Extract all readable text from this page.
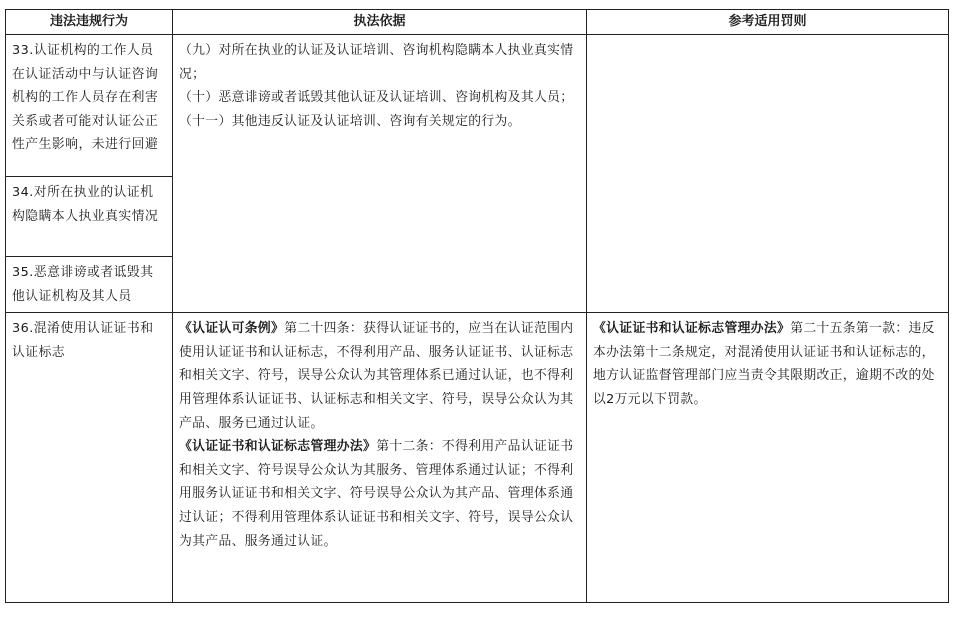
违法违规行为	执法依据	参考适用罚则
33.认证机构的工作人员在认证活动中与认证咨询机构的工作人员存在利害关系或者可能对认证公正性产生影响，未进行回避	（九）对所在执业的认证及认证培训、咨询机构隐瞒本人执业真实情况；
（十）恶意诽谤或者诋毁其他认证及认证培训、咨询机构及其人员；
（十一）其他违反认证及认证培训、咨询有关规定的行为。	

34.对所在执业的认证机构隐瞒本人执业真实情况		
35.恶意诽谤或者诋毁其他认证机构及其人员		
36.混淆使用认证证书和认证标志	《认证认可条例》第二十四条：获得认证证书的，应当在认证范围内使用认证证书和认证标志，不得利用产品、服务认证证书、认证标志和相关文字、符号，误导公众认为其管理体系已通过认证，也不得利用管理体系认证证书、认证标志和相关文字、符号，误导公众认为其产品、服务已通过认证。
《认证证书和认证标志管理办法》第十二条：不得利用产品认证证书和相关文字、符号误导公众认为其服务、管理体系通过认证；不得利用服务认证证书和相关文字、符号误导公众认为其产品、管理体系通过认证；不得利用管理体系认证证书和相关文字、符号，误导公众认为其产品、服务通过认证。	《认证证书和认证标志管理办法》第二十五条第一款：违反本办法第十二条规定，对混淆使用认证证书和认证标志的，地方认证监督管理部门应当责令其限期改正，逾期不改的处以2万元以下罚款。
